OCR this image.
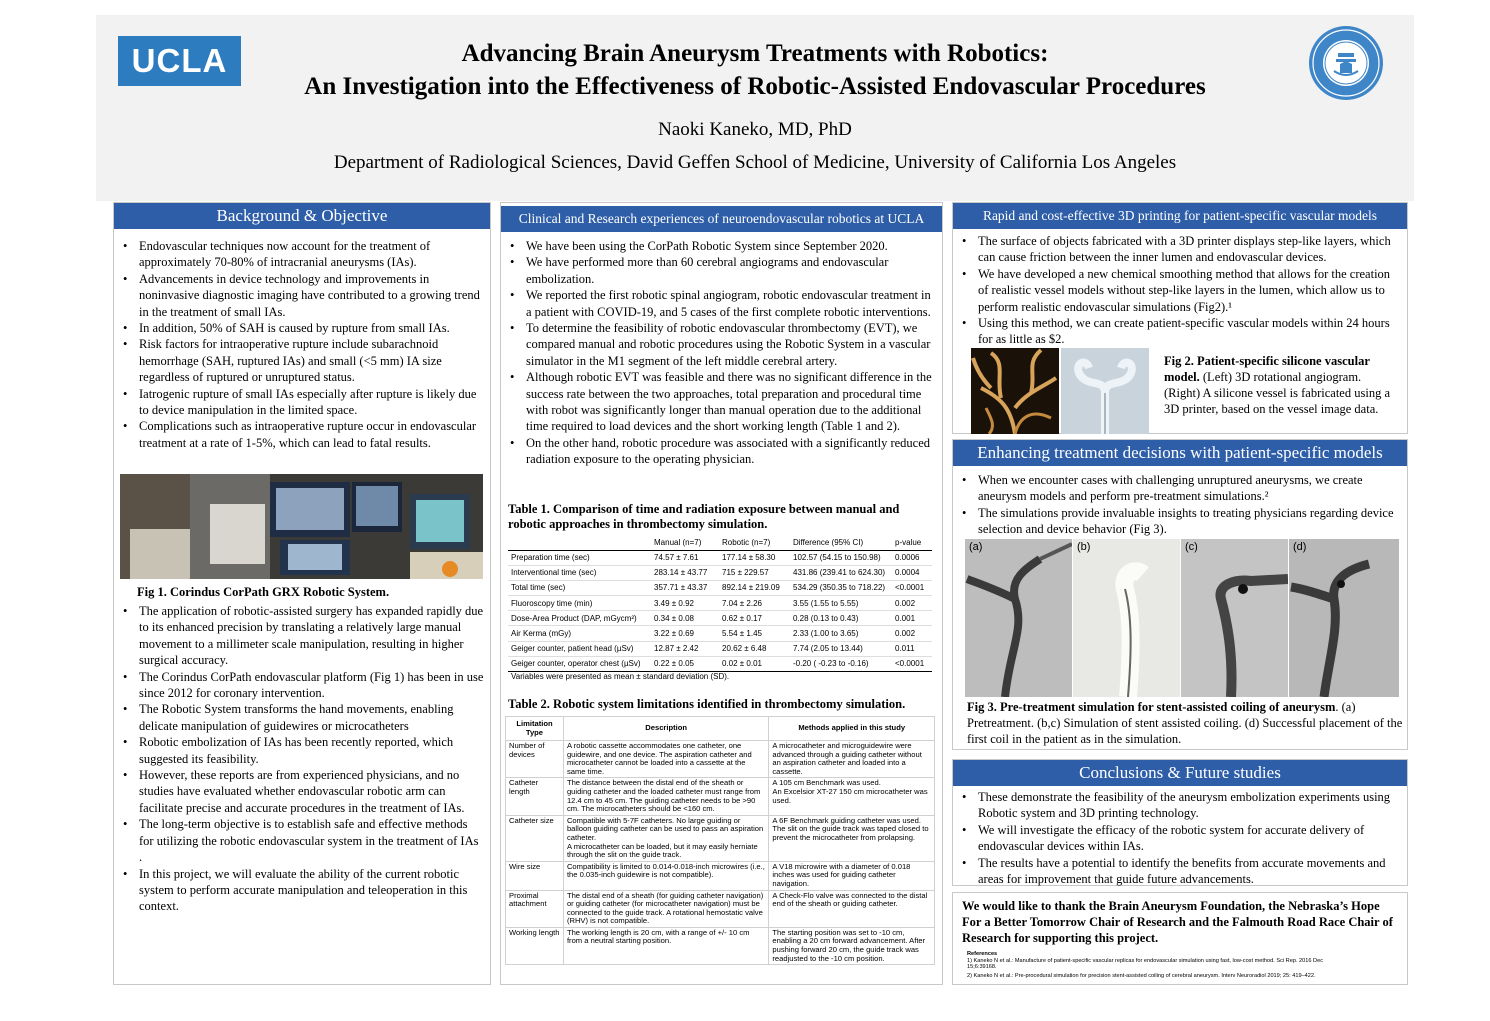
UCLA	Advancing Brain Aneurysm Treatments with Robotics:
An Investigation into the Effectiveness of Robotic-Assisted Endovascular Procedures
Naoki Kaneko, MD, PhD
Department of Radiological Sciences, David Geffen School of Medicine, University of California Los Angeles
Background & Objective
• Endovascular techniques now account for the treatment of approximately 70-80% of intracranial aneurysms (IAs).
• Advancements in device technology and improvements in noninvasive diagnostic imaging have contributed to a growing trend in the treatment of small IAs.
• In addition, 50% of SAH is caused by rupture from small IAs.
• Risk factors for intraoperative rupture include subarachnoid hemorrhage (SAH, ruptured IAs) and small (<5 mm) IA size regardless of ruptured or unruptured status.
• Iatrogenic rupture of small IAs especially after rupture is likely due to device manipulation in the limited space.
• Complications such as intraoperative rupture occur in endovascular treatment at a rate of 1-5%, which can lead to fatal results.
Fig 1. Corindus CorPath GRX Robotic System.
• The application of robotic-assisted surgery has expanded rapidly due to its enhanced precision by translating a relatively large manual movement to a millimeter scale manipulation, resulting in higher surgical accuracy.
• The Corindus CorPath endovascular platform (Fig 1) has been in use since 2012 for coronary intervention.
• The Robotic System transforms the hand movements, enabling delicate manipulation of guidewires or microcatheters
• Robotic embolization of IAs has been recently reported, which suggested its feasibility.
• However, these reports are from experienced physicians, and no studies have evaluated whether endovascular robotic arm can facilitate precise and accurate procedures in the treatment of IAs.
• The long-term objective is to establish safe and effective methods for utilizing the robotic endovascular system in the treatment of IAs .
• In this project, we will evaluate the ability of the current robotic system to perform accurate manipulation and teleoperation in this context.
Clinical and Research experiences of neuroendovascular robotics at UCLA
• We have been using the CorPath Robotic System since September 2020.
• We have performed more than 60 cerebral angiograms and endovascular embolization.
• We reported the first robotic spinal angiogram, robotic endovascular treatment in a patient with COVID-19, and 5 cases of the first complete robotic interventions.
• To determine the feasibility of robotic endovascular thrombectomy (EVT), we compared manual and robotic procedures using the Robotic System in a vascular simulator in the M1 segment of the left middle cerebral artery.
• Although robotic EVT was feasible and there was no significant difference in the success rate between the two approaches, total preparation and procedural time with robot was significantly longer than manual operation due to the additional time required to load devices and the short working length (Table 1 and 2).
• On the other hand, robotic procedure was associated with a significantly reduced radiation exposure to the operating physician.
Table 1. Comparison of time and radiation exposure between manual and robotic approaches in thrombectomy simulation.
	Manual (n=7)	Robotic (n=7)	Difference (95% CI)	p-value
Preparation time (sec)	74.57 ± 7.61	177.14 ± 58.30	102.57 (54.15 to 150.98)	0.0006
Interventional time (sec)	283.14 ± 43.77	715 ± 229.57	431.86 (239.41 to 624.30)	0.0004
Total time (sec)	357.71 ± 43.37	892.14 ± 219.09	534.29 (350.35 to 718.22)	<0.0001
Fluoroscopy time (min)	3.49 ± 0.92	7.04 ± 2.26	3.55 (1.55 to 5.55)	0.002
Dose-Area Product (DAP, mGycm²)	0.34 ± 0.08	0.62 ± 0.17	0.28 (0.13 to 0.43)	0.001
Air Kerma (mGy)	3.22 ± 0.69	5.54 ± 1.45	2.33 (1.00 to 3.65)	0.002
Geiger counter, patient head (µSv)	12.87 ± 2.42	20.62 ± 6.48	7.74 (2.05 to 13.44)	0.011
Geiger counter, operator chest (µSv)	0.22 ± 0.05	0.02 ± 0.01	-0.20 ( -0.23 to -0.16)	<0.0001
Variables were presented as mean ± standard deviation (SD).
Table 2. Robotic system limitations identified in thrombectomy simulation.
Limitation Type	Description	Methods applied in this study
Number of devices	A robotic cassette accommodates one catheter, one guidewire, and one device. The aspiration catheter and microcatheter cannot be loaded into a cassette at the same time.	A microcatheter and microguidewire were advanced through a guiding catheter without an aspiration catheter and loaded into a cassette.
Catheter length	The distance between the distal end of the sheath or guiding catheter and the loaded catheter must range from 12.4 cm to 45 cm. The guiding catheter needs to be >90 cm. The microcatheters should be <160 cm.	A 105 cm Benchmark was used.
An Excelsior XT-27 150 cm microcatheter was used.
Catheter size	Compatible with 5-7F catheters. No large guiding or balloon guiding catheter can be used to pass an aspiration catheter.
A microcatheter can be loaded, but it may easily herniate through the slit on the guide track.	A 6F Benchmark guiding catheter was used. The slit on the guide track was taped closed to prevent the microcatheter from prolapsing.
Wire size	Compatibility is limited to 0.014-0.018-inch microwires (i.e., the 0.035-inch guidewire is not compatible).	A V18 microwire with a diameter of 0.018 inches was used for guiding catheter navigation.
Proximal attachment	The distal end of a sheath (for guiding catheter navigation) or guiding catheter (for microcatheter navigation) must be connected to the guide track. A rotational hemostatic valve (RHV) is not compatible.	A Check-Flo valve was connected to the distal end of the sheath or guiding catheter.
Working length	The working length is 20 cm, with a range of +/- 10 cm from a neutral starting position.	The starting position was set to -10 cm, enabling a 20 cm forward advancement. After pushing forward 20 cm, the guide track was readjusted to the -10 cm position.
Rapid and cost-effective 3D printing for patient-specific vascular models
• The surface of objects fabricated with a 3D printer displays step-like layers, which can cause friction between the inner lumen and endovascular devices.
• We have developed a new chemical smoothing method that allows for the creation of realistic vessel models without step-like layers in the lumen, which allow us to perform realistic endovascular simulations (Fig2).¹
• Using this method, we can create patient-specific vascular models within 24 hours for as little as $2.
Fig 2. Patient-specific silicone vascular model. (Left) 3D rotational angiogram. (Right) A silicone vessel is fabricated using a 3D printer, based on the vessel image data.
Enhancing treatment decisions with patient-specific models
• When we encounter cases with challenging unruptured aneurysms, we create aneurysm models and perform pre-treatment simulations.²
• The simulations provide invaluable insights to treating physicians regarding device selection and device behavior (Fig 3).
(a)	(b)	(c)	(d)
Fig 3. Pre-treatment simulation for stent-assisted coiling of aneurysm. (a) Pretreatment. (b,c) Simulation of stent assisted coiling. (d) Successful placement of the first coil in the patient as in the simulation.
Conclusions & Future studies
• These demonstrate the feasibility of the aneurysm embolization experiments using Robotic system and 3D printing technology.
• We will investigate the efficacy of the robotic system for accurate delivery of endovascular devices within IAs.
• The results have a potential to identify the benefits from accurate movements and areas for improvement that guide future advancements.
We would like to thank the Brain Aneurysm Foundation, the Nebraska’s Hope For a Better Tomorrow Chair of Research and the Falmouth Road Race Chair of Research for supporting this project.
References
1) Kaneko N et al.: Manufacture of patient-specific vascular replicas for endovascular simulation using fast, low-cost method. Sci Rep. 2016 Dec 15;6:39168.
2) Kaneko N et al.: Pre-procedural simulation for precision stent-assisted coiling of cerebral aneurysm. Interv Neuroradiol 2019; 25: 419–422.
